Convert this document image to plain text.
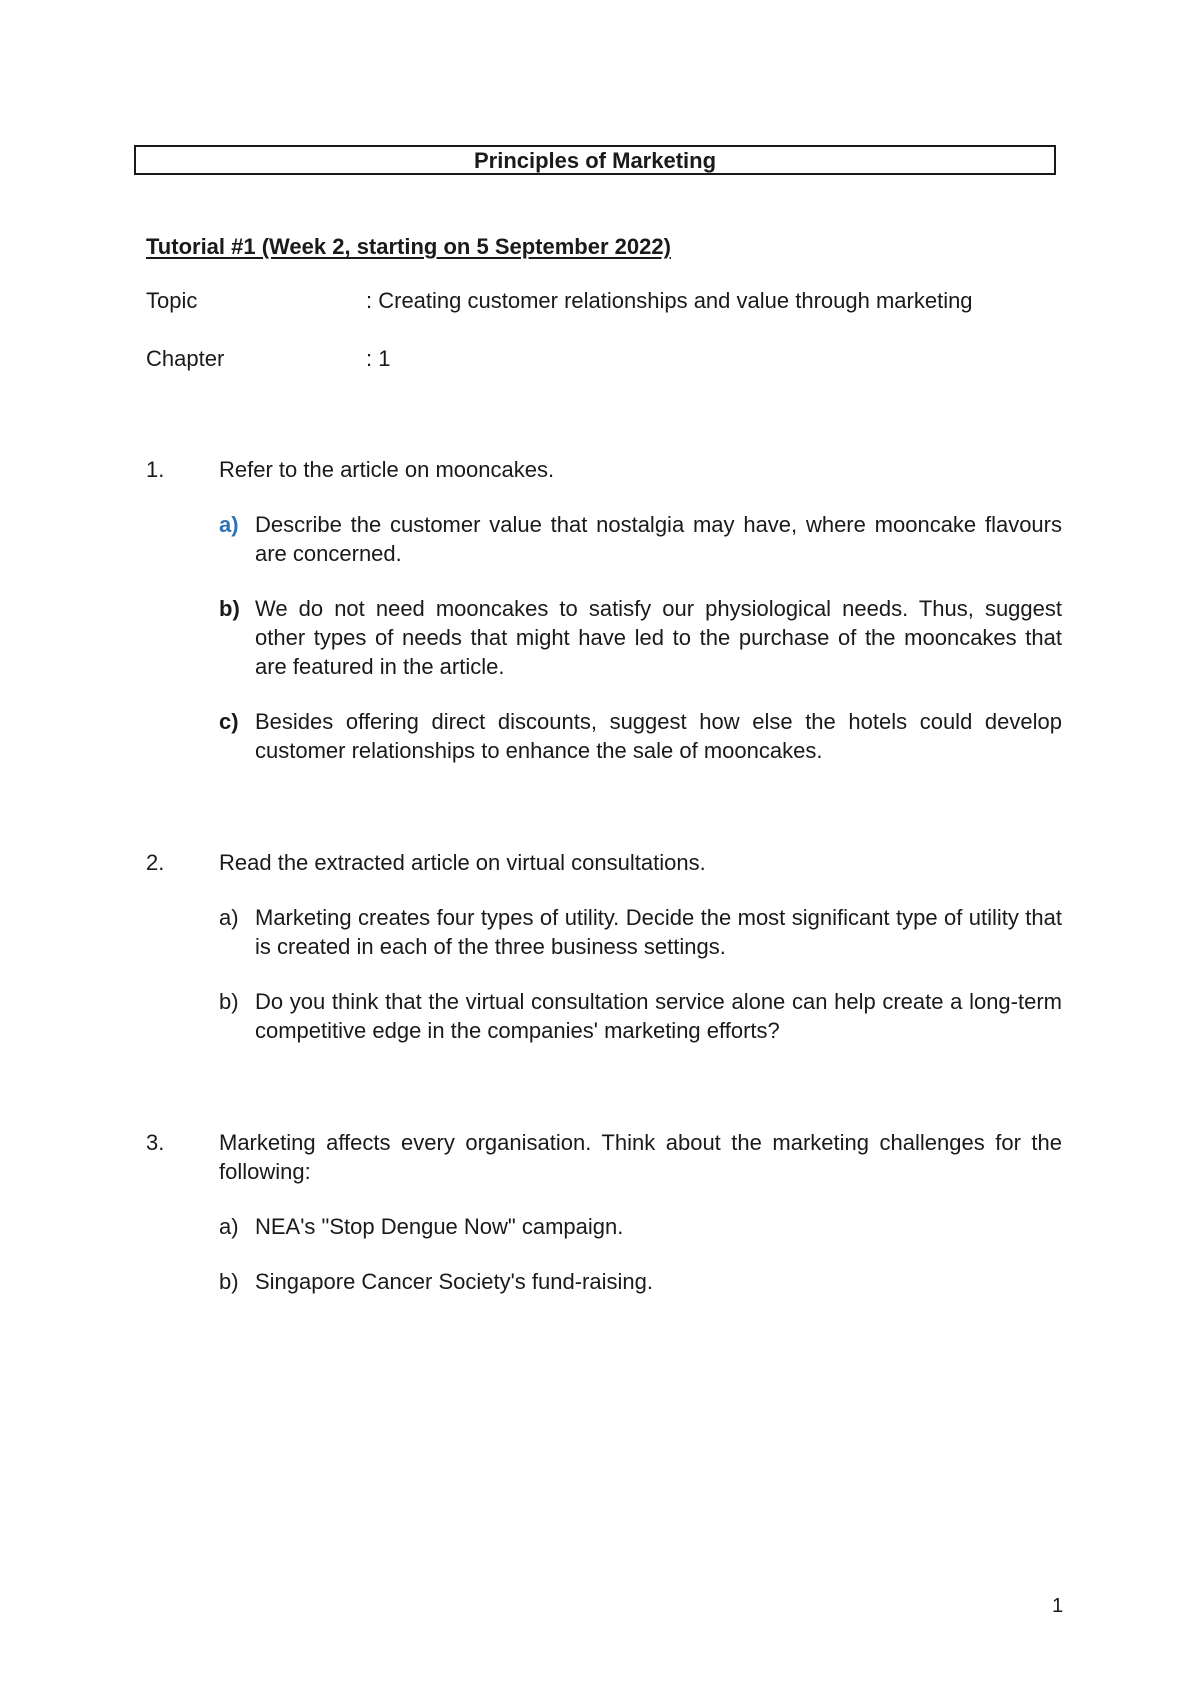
Principles of Marketing
Tutorial #1 (Week 2, starting on 5 September 2022)
Topic	: Creating customer relationships and value through marketing
Chapter	: 1
1. Refer to the article on mooncakes.
a) Describe the customer value that nostalgia may have, where mooncake flavours are concerned.
b) We do not need mooncakes to satisfy our physiological needs. Thus, suggest other types of needs that might have led to the purchase of the mooncakes that are featured in the article.
c) Besides offering direct discounts, suggest how else the hotels could develop customer relationships to enhance the sale of mooncakes.
2. Read the extracted article on virtual consultations.
a) Marketing creates four types of utility. Decide the most significant type of utility that is created in each of the three business settings.
b) Do you think that the virtual consultation service alone can help create a long-term competitive edge in the companies' marketing efforts?
3. Marketing affects every organisation. Think about the marketing challenges for the following:
a) NEA's "Stop Dengue Now" campaign.
b) Singapore Cancer Society's fund-raising.
1
